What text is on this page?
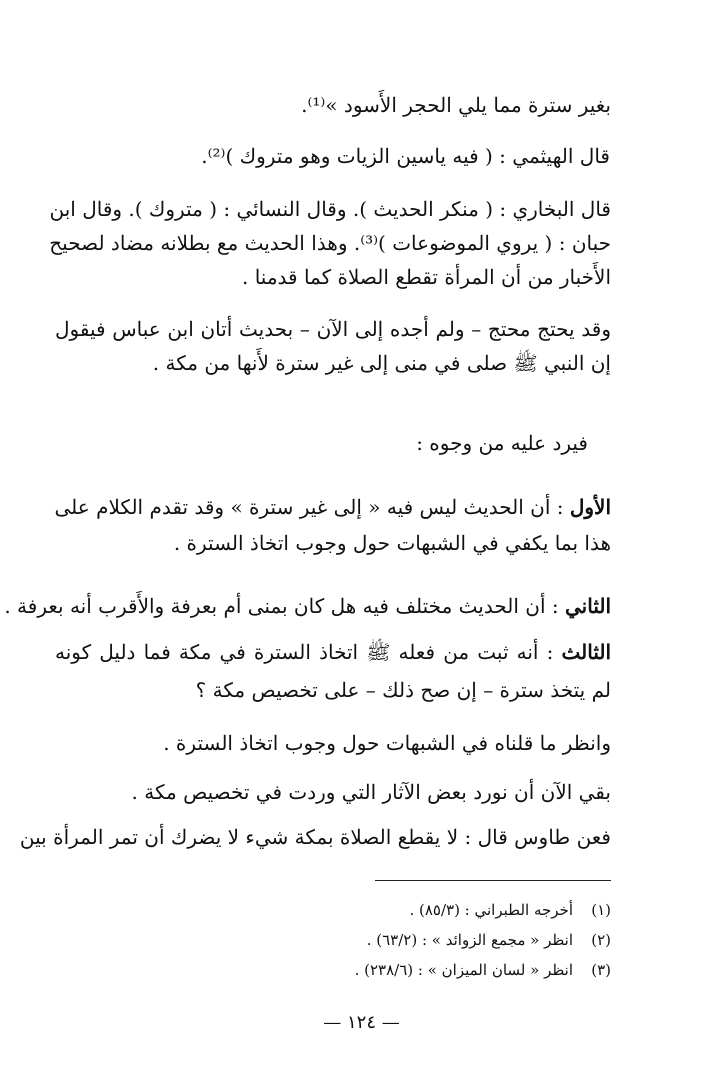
بغير سترة مما يلي الحجر الأَسود »⁽¹⁾.
قال الهيثمي : ( فيه ياسين الزيات وهو متروك )⁽²⁾.
قال البخاري : ( منكر الحديث ). وقال النسائي : ( متروك ). وقال ابن
حبان : ( يروي الموضوعات )⁽³⁾. وهذا الحديث مع بطلانه مضاد لصحيح
الأَخبار من أن المرأة تقطع الصلاة كما قدمنا .
وقد يحتج محتج – ولم أجده إلى الآن – بحديث أتان ابن عباس فيقول
إن النبي ﷺ صلى في منى إلى غير سترة لأَنها من مكة .
فيرد عليه من وجوه :
الأول : أن الحديث ليس فيه « إلى غير سترة » وقد تقدم الكلام على
هذا بما يكفي في الشبهات حول وجوب اتخاذ السترة .
الثاني : أن الحديث مختلف فيه هل كان بمنى أم بعرفة والأَقرب أنه بعرفة .
الثالث : أنه ثبت من فعله ﷺ اتخاذ السترة في مكة فما دليل كونه
لم يتخذ سترة – إن صح ذلك – على تخصيص مكة ؟
وانظر ما قلناه في الشبهات حول وجوب اتخاذ السترة .
بقي الآن أن نورد بعض الآثار التي وردت في تخصيص مكة .
فعن طاوس قال : لا يقطع الصلاة بمكة شيء لا يضرك أن تمر المرأة بين
(١)أخرجه الطبراني : (٨٥/٣) .
(٢)انظر « مجمع الزوائد » : (٦٣/٢) .
(٣)انظر « لسان الميزان » : (٢٣٨/٦) .
— ١٢٤ —
